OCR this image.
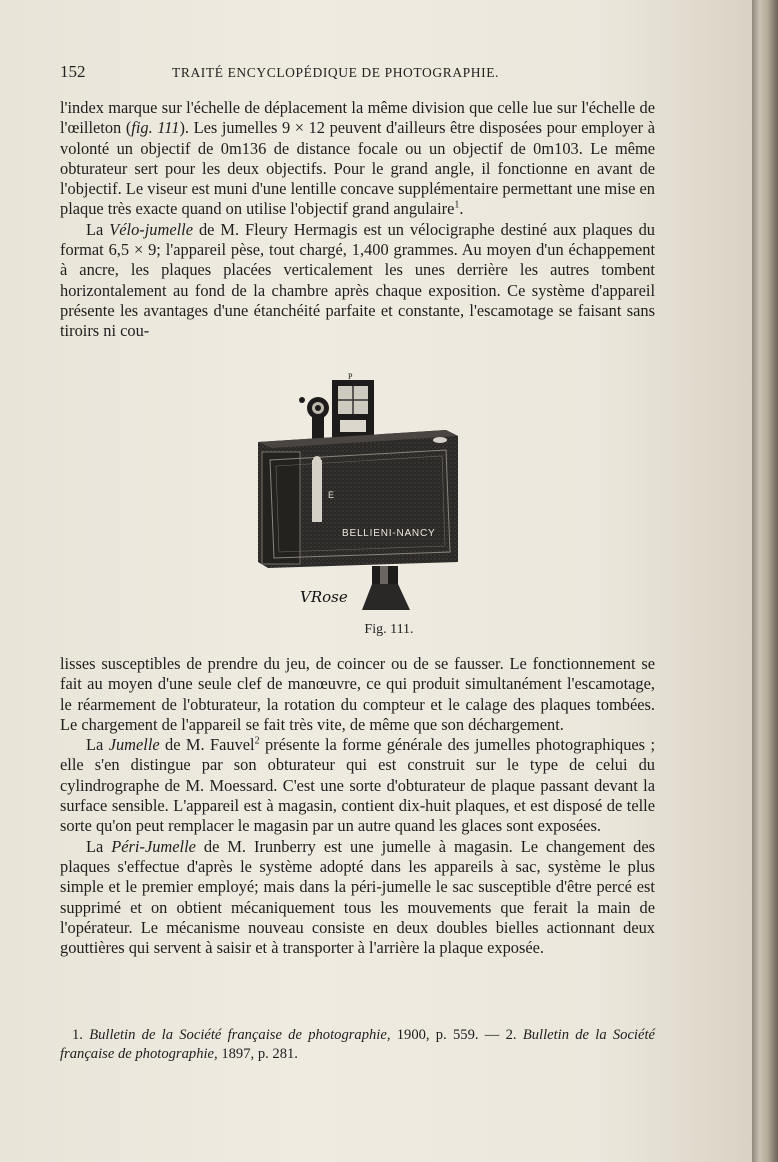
152	TRAITÉ ENCYCLOPÉDIQUE DE PHOTOGRAPHIE.

l'index marque sur l'échelle de déplacement la même division que celle lue sur l'échelle de l'œilleton (fig. 111). Les jumelles 9 × 12 peuvent d'ailleurs être disposées pour employer à volonté un objectif de 0m136 de distance focale ou un objectif de 0m103. Le même obturateur sert pour les deux objectifs. Pour le grand angle, il fonctionne en avant de l'objectif. Le viseur est muni d'une lentille concave supplémentaire permettant une mise en plaque très exacte quand on utilise l'objectif grand angulaire$^1$.

La Vélo-jumelle de M. Fleury Hermagis est un vélocigraphe destiné aux plaques du format 6,5 × 9; l'appareil pèse, tout chargé, 1,400 grammes. Au moyen d'un échappement à ancre, les plaques placées verticalement les unes derrière les autres tombent horizontalement au fond de la chambre après chaque exposition. Ce système d'appareil présente les avantages d'une étanchéité parfaite et constante, l'escamotage se faisant sans tiroirs ni cou-

P
E
BELLIENI-NANCY
VRose
Fig. 111.

lisses susceptibles de prendre du jeu, de coincer ou de se fausser. Le fonctionnement se fait au moyen d'une seule clef de manœuvre, ce qui produit simultanément l'escamotage, le réarmement de l'obturateur, la rotation du compteur et le calage des plaques tombées. Le chargement de l'appareil se fait très vite, de même que son déchargement.

La Jumelle de M. Fauvel$^2$ présente la forme générale des jumelles photographiques ; elle s'en distingue par son obturateur qui est construit sur le type de celui du cylindrographe de M. Moessard. C'est une sorte d'obturateur de plaque passant devant la surface sensible. L'appareil est à magasin, contient dix-huit plaques, et est disposé de telle sorte qu'on peut remplacer le magasin par un autre quand les glaces sont exposées.

La Péri-Jumelle de M. Irunberry est une jumelle à magasin. Le changement des plaques s'effectue d'après le système adopté dans les appareils à sac, système le plus simple et le premier employé; mais dans la péri-jumelle le sac susceptible d'être percé est supprimé et on obtient mécaniquement tous les mouvements que ferait la main de l'opérateur. Le mécanisme nouveau consiste en deux doubles bielles actionnant deux gouttières qui servent à saisir et à transporter à l'arrière la plaque exposée.

1. Bulletin de la Société française de photographie, 1900, p. 559. — 2. Bulletin de la Société française de photographie, 1897, p. 281.
